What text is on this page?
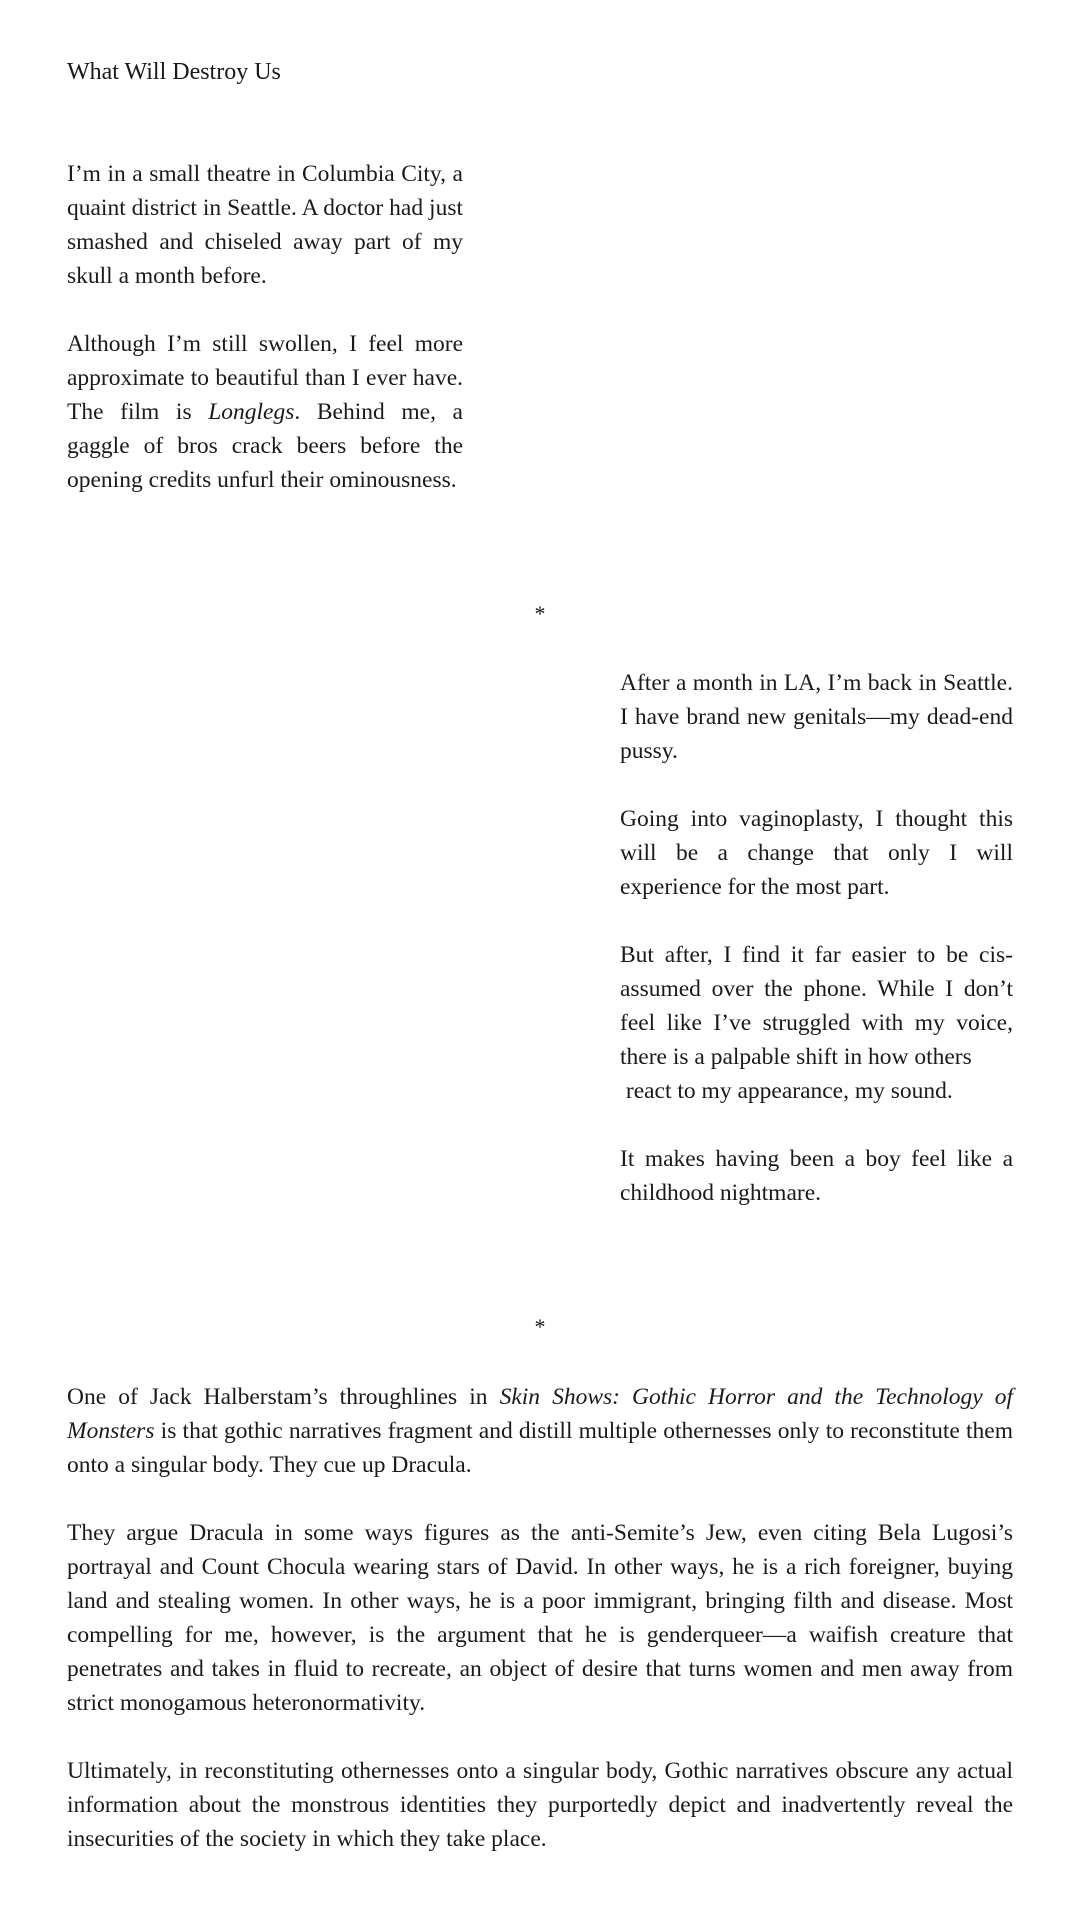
What Will Destroy Us

I’m in a small theatre in Columbia City, a quaint district in Seattle. A doctor had just smashed and chiseled away part of my skull a month before.

Although I’m still swollen, I feel more approximate to beautiful than I ever have. The film is Longlegs. Behind me, a gaggle of bros crack beers before the opening credits unfurl their ominousness.

*

After a month in LA, I’m back in Seattle. I have brand new genitals—my dead-end pussy.

Going into vaginoplasty, I thought this will be a change that only I will experience for the most part.

But after, I find it far easier to be cis-assumed over the phone. While I don’t feel like I’ve struggled with my voice, there is a palpable shift in how others
react to my appearance, my sound.

It makes having been a boy feel like a childhood nightmare.

*

One of Jack Halberstam’s throughlines in Skin Shows: Gothic Horror and the Technology of Monsters is that gothic narratives fragment and distill multiple othernesses only to reconstitute them onto a singular body. They cue up Dracula.

They argue Dracula in some ways figures as the anti-Semite’s Jew, even citing Bela Lugosi’s portrayal and Count Chocula wearing stars of David. In other ways, he is a rich foreigner, buying land and stealing women. In other ways, he is a poor immigrant, bringing filth and disease. Most compelling for me, however, is the argument that he is genderqueer—a waifish creature that penetrates and takes in fluid to recreate, an object of desire that turns women and men away from strict monogamous heteronormativity.

Ultimately, in reconstituting othernesses onto a singular body, Gothic narratives obscure any actual information about the monstrous identities they purportedly depict and inadvertently reveal the insecurities of the society in which they take place.
